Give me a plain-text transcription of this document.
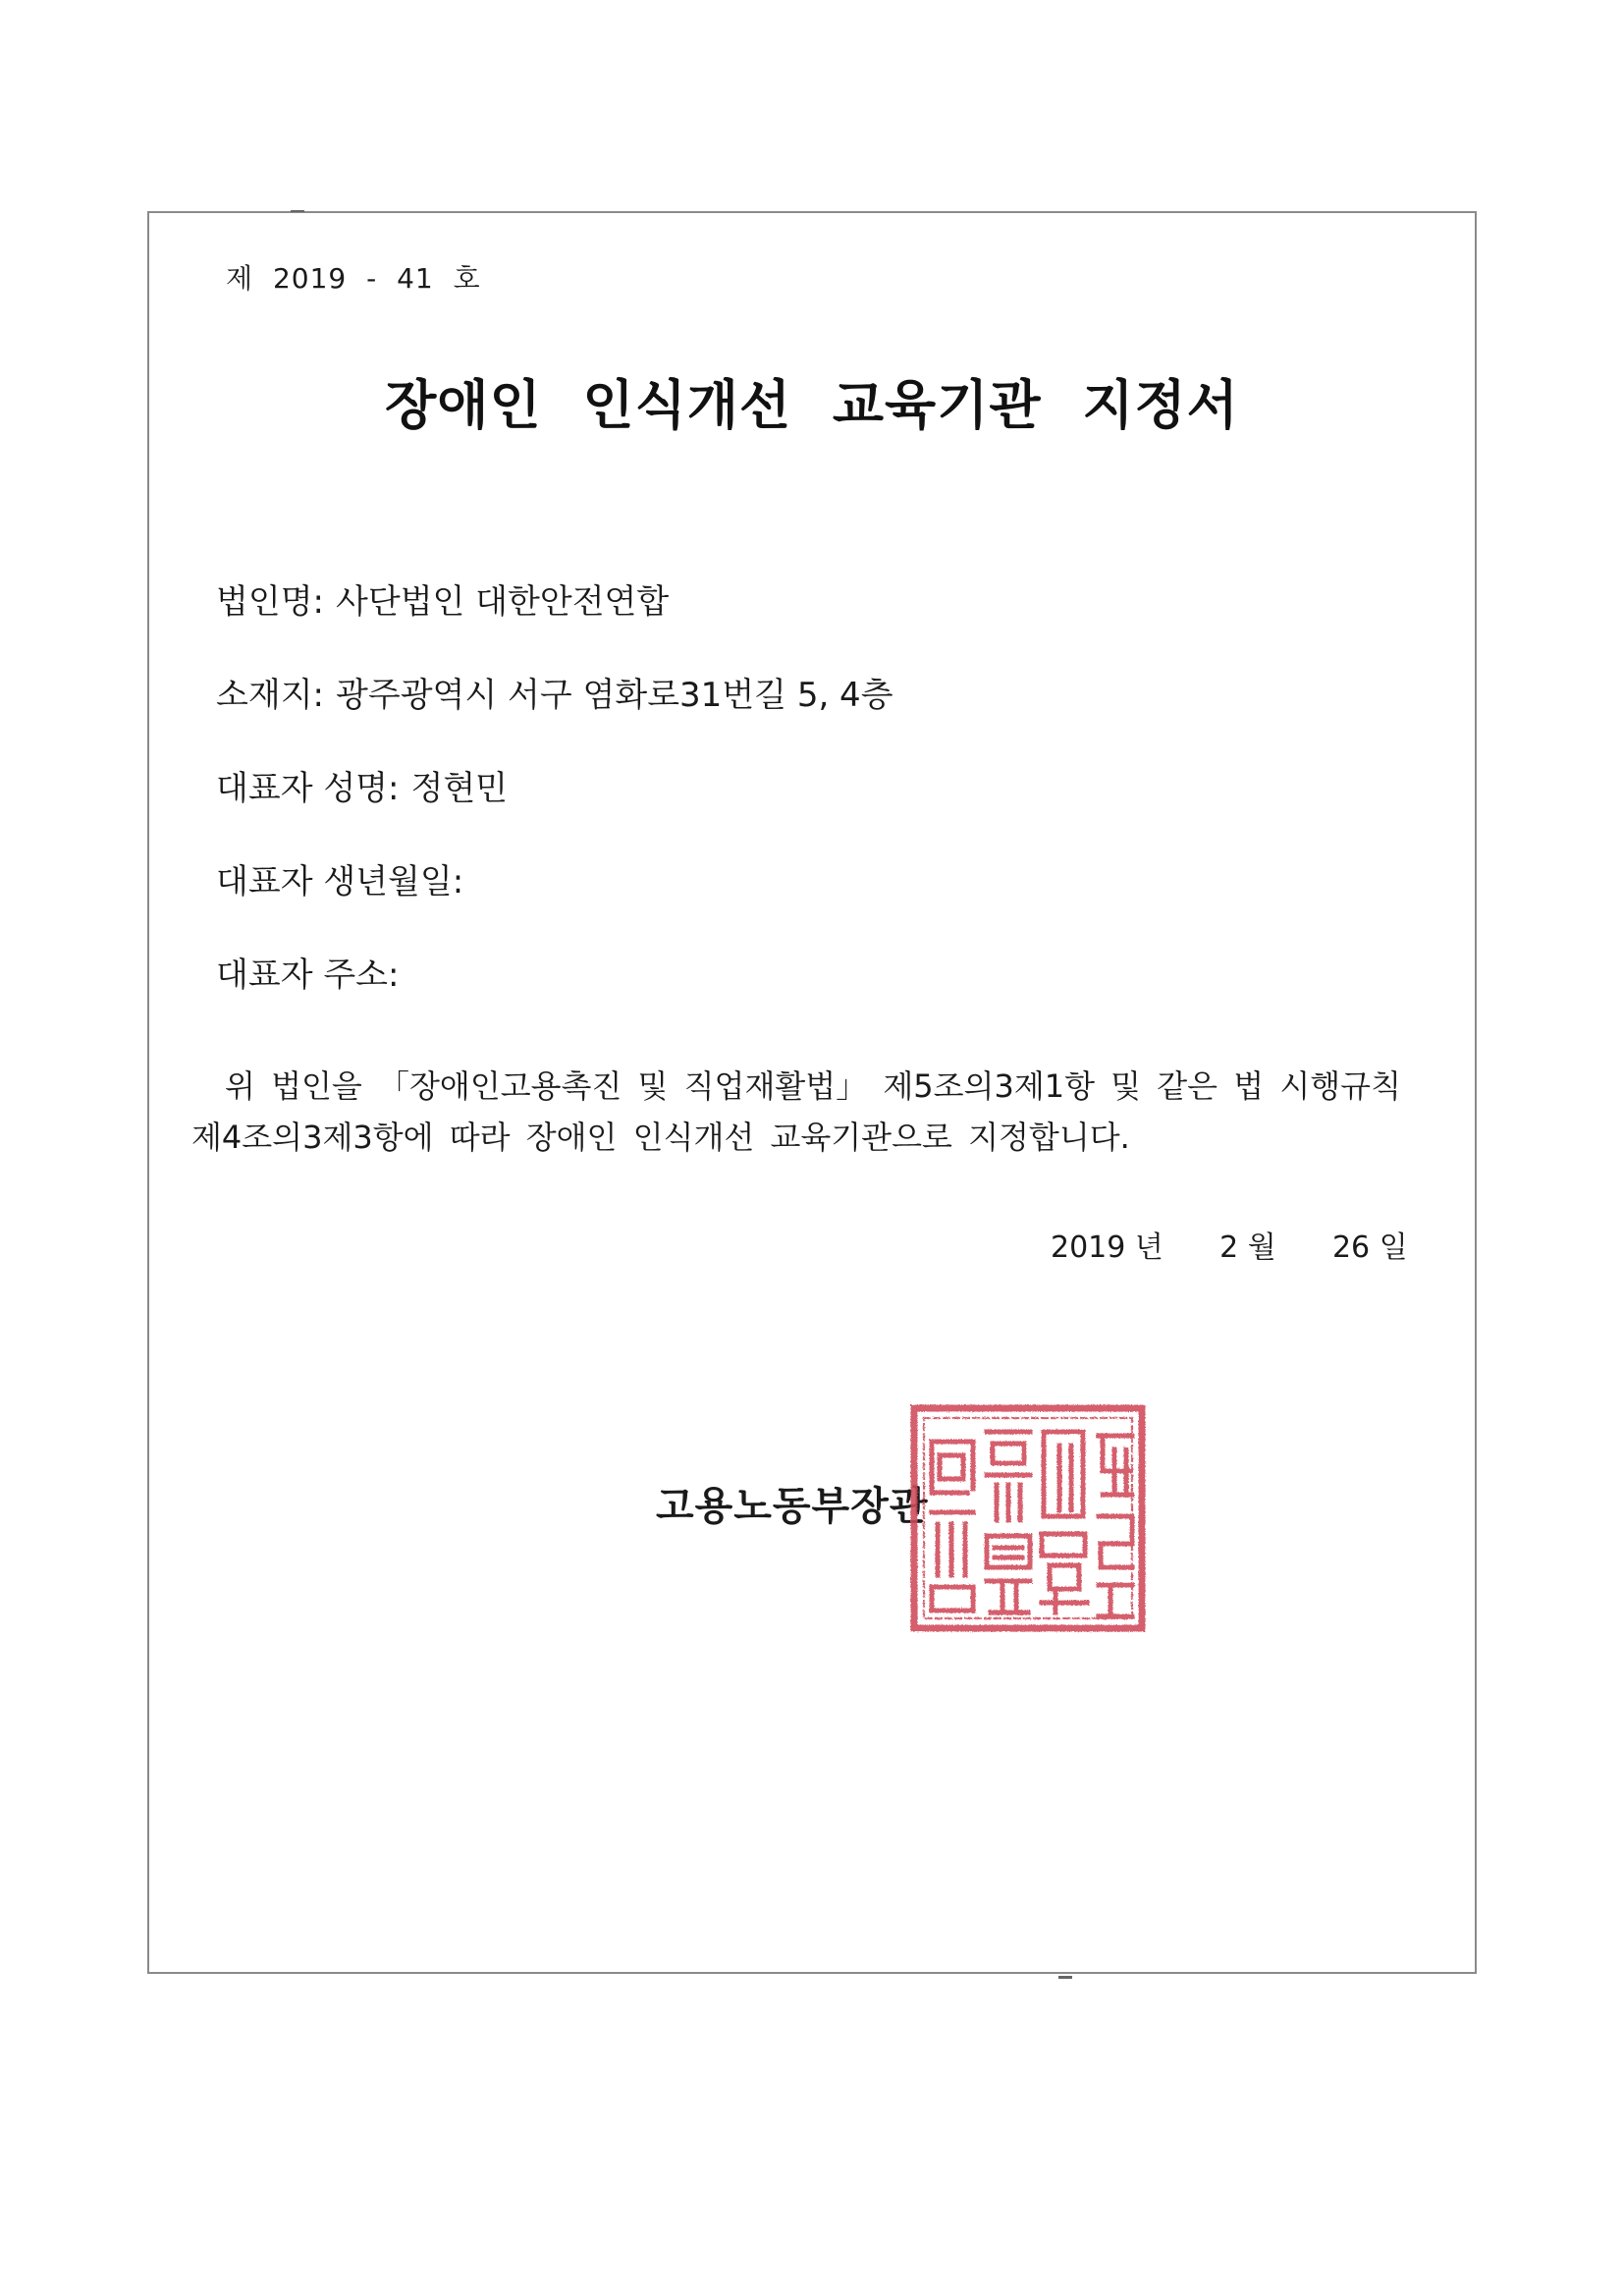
제 2019 - 41 호
장애인 인식개선 교육기관 지정서
법인명: 사단법인 대한안전연합
소재지: 광주광역시 서구 염화로31번길 5, 4층
대표자 성명: 정현민
대표자 생년월일:
대표자 주소:
위 법인을 「장애인고용촉진 및 직업재활법」 제5조의3제1항 및 같은 법 시행규칙
제4조의3제3항에 따라 장애인 인식개선 교육기관으로 지정합니다.
2019 년 2 월 26 일
고용노동부장관
